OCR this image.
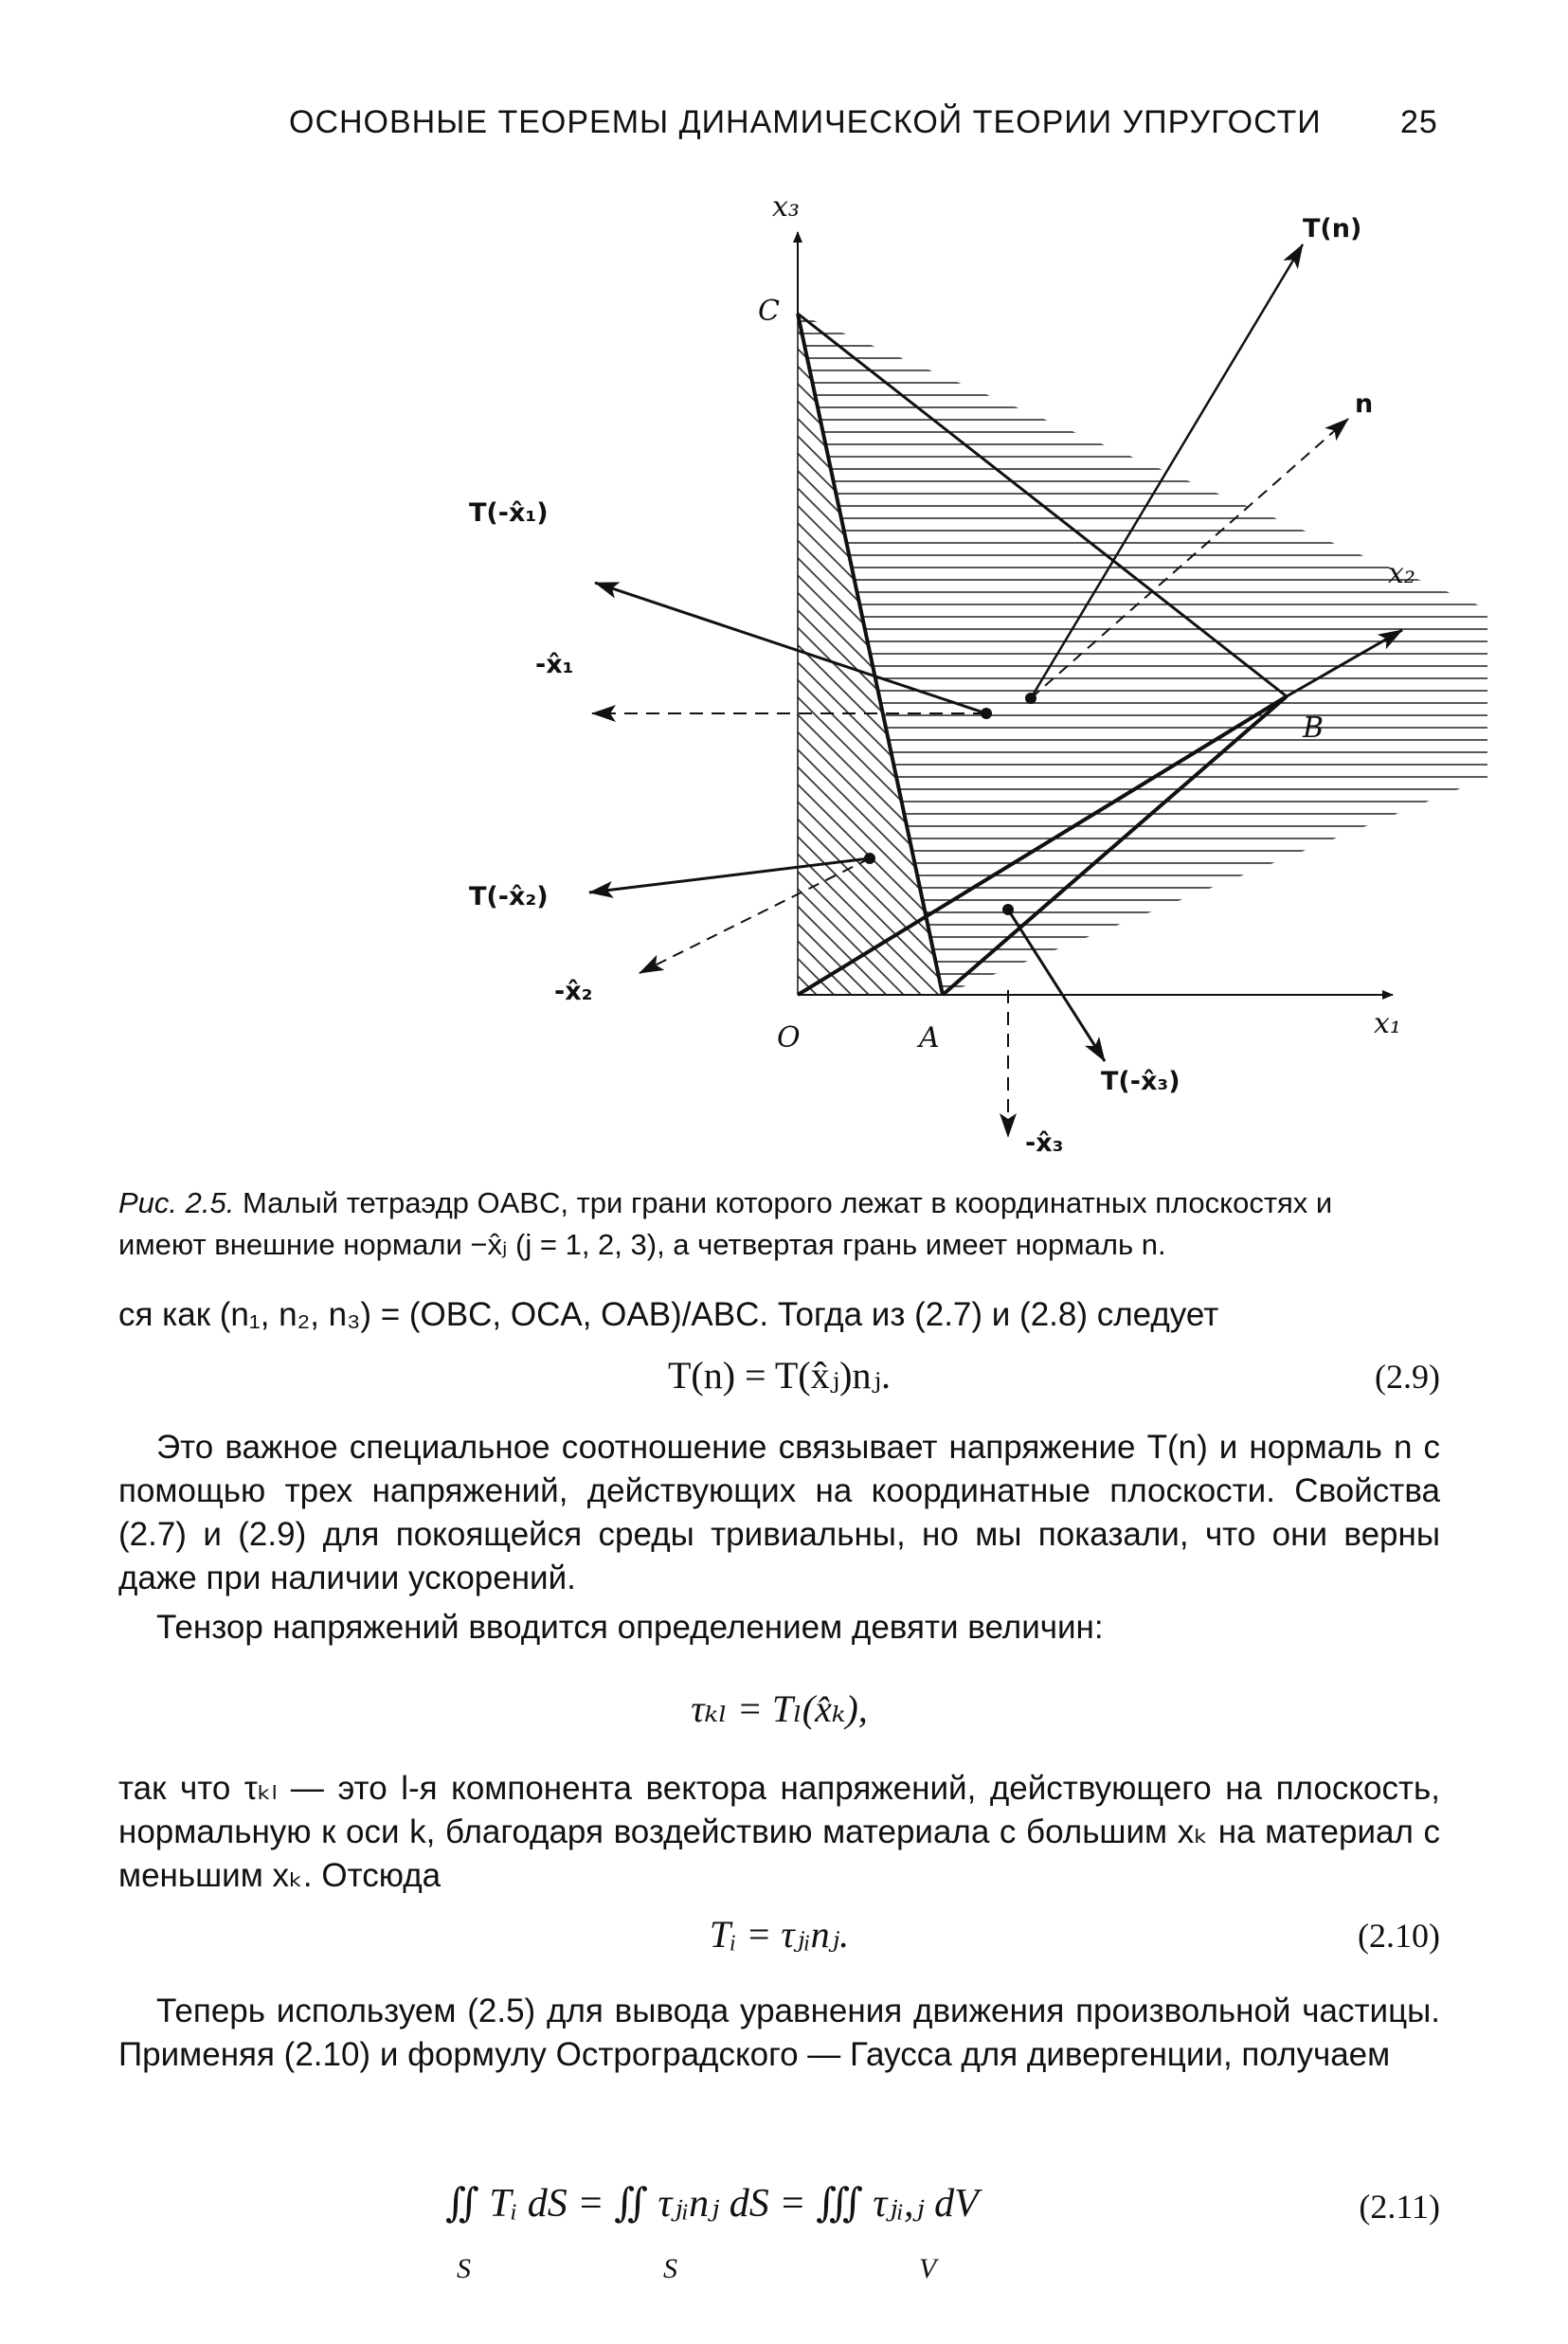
ОСНОВНЫЕ ТЕОРЕМЫ ДИНАМИЧЕСКОЙ ТЕОРИИ УПРУГОСТИ 25
x₃
x₂
x₁
C
B
O	A
T(n)
n
T(-x̂₁)
-x̂₁
T(-x̂₂)
-x̂₂
T(-x̂₃)
-x̂₃
Рис. 2.5. Малый тетраэдр OABC, три грани которого лежат в координатных плоскостях и
имеют внешние нормали −x̂ⱼ (j = 1, 2, 3), а четвертая грань имеет нормаль n.
ся как (n₁, n₂, n₃) = (OBC, OCA, OAB)/ABC. Тогда из (2.7) и (2.8) следует
T(n) = T(x̂ⱼ)nⱼ.	(2.9)
Это важное специальное соотношение связывает напряжение T(n) и нормаль n с помощью трех напряжений, действующих на координатные плоскости. Свойства (2.7) и (2.9) для покоящейся среды тривиальны, но мы показали, что они верны даже при наличии ускорений.
Тензор напряжений вводится определением девяти величин:
τₖₗ = Tₗ(x̂ₖ),
так что τₖₗ — это l-я компонента вектора напряжений, действующего на плоскость, нормальную к оси k, благодаря воздействию материала с большим xₖ на материал с меньшим xₖ. Отсюда
Tᵢ = τⱼᵢnⱼ.	(2.10)
Теперь используем (2.5) для вывода уравнения движения произвольной частицы. Применяя (2.10) и формулу Остроградского — Гаусса для дивергенции, получаем
∬ Tᵢ dS = ∬ τⱼᵢnⱼ dS = ∭ τⱼᵢ,ⱼ dV
S	S	V
(2.11)
